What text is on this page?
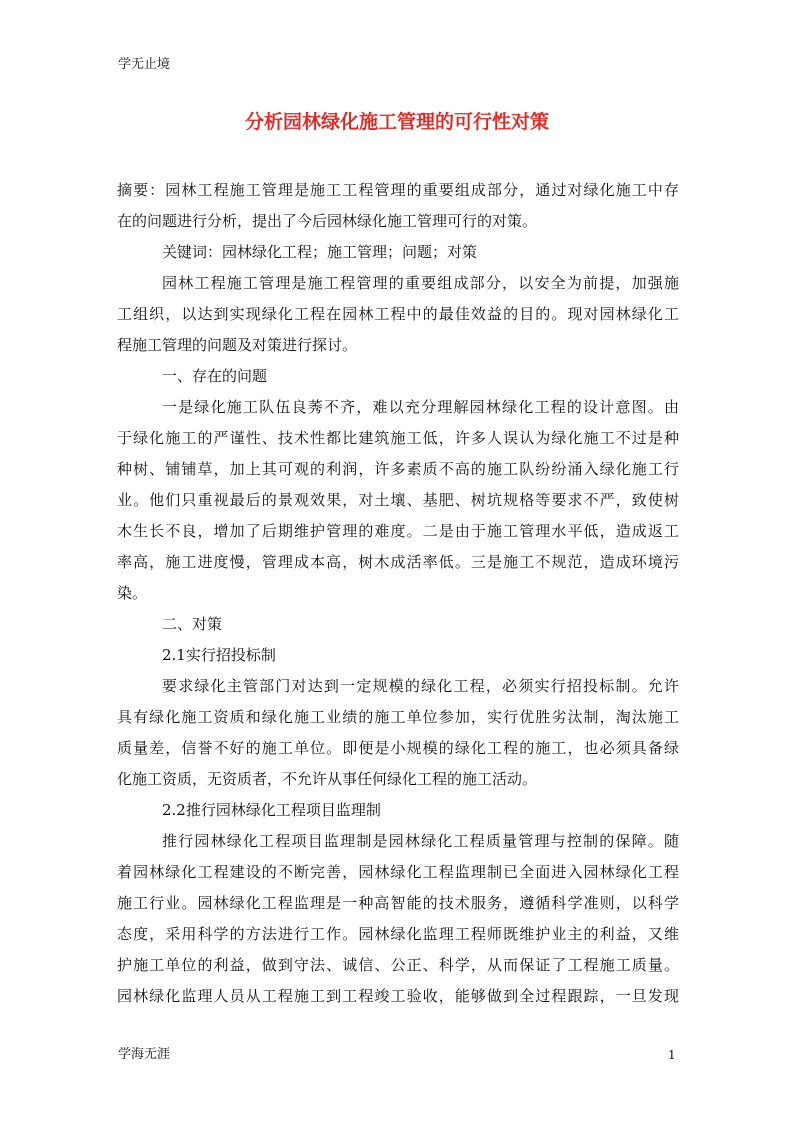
学无止境
分析园林绿化施工管理的可行性对策
摘要：园林工程施工管理是施工工程管理的重要组成部分，通过对绿化施工中存
在的问题进行分析，提出了今后园林绿化施工管理可行的对策。
关键词：园林绿化工程；施工管理；问题；对策
园林工程施工管理是施工程管理的重要组成部分，以安全为前提，加强施
工组织，以达到实现绿化工程在园林工程中的最佳效益的目的。现对园林绿化工
程施工管理的问题及对策进行探讨。
一、存在的问题
一是绿化施工队伍良莠不齐，难以充分理解园林绿化工程的设计意图。由
于绿化施工的严谨性、技术性都比建筑施工低，许多人误认为绿化施工不过是种
种树、铺铺草，加上其可观的利润，许多素质不高的施工队纷纷涌入绿化施工行
业。他们只重视最后的景观效果，对土壤、基肥、树坑规格等要求不严，致使树
木生长不良，增加了后期维护管理的难度。二是由于施工管理水平低，造成返工
率高，施工进度慢，管理成本高，树木成活率低。三是施工不规范，造成环境污
染。
二、对策
2.1实行招投标制
要求绿化主管部门对达到一定规模的绿化工程，必须实行招投标制。允许
具有绿化施工资质和绿化施工业绩的施工单位参加，实行优胜劣汰制，淘汰施工
质量差，信誉不好的施工单位。即便是小规模的绿化工程的施工，也必须具备绿
化施工资质，无资质者，不允许从事任何绿化工程的施工活动。
2.2推行园林绿化工程项目监理制
推行园林绿化工程项目监理制是园林绿化工程质量管理与控制的保障。随
着园林绿化工程建设的不断完善，园林绿化工程监理制已全面进入园林绿化工程
施工行业。园林绿化工程监理是一种高智能的技术服务，遵循科学准则，以科学
态度，采用科学的方法进行工作。园林绿化监理工程师既维护业主的利益，又维
护施工单位的利益，做到守法、诚信、公正、科学，从而保证了工程施工质量。
园林绿化监理人员从工程施工到工程竣工验收，能够做到全过程跟踪，一旦发现
学海无涯	1
